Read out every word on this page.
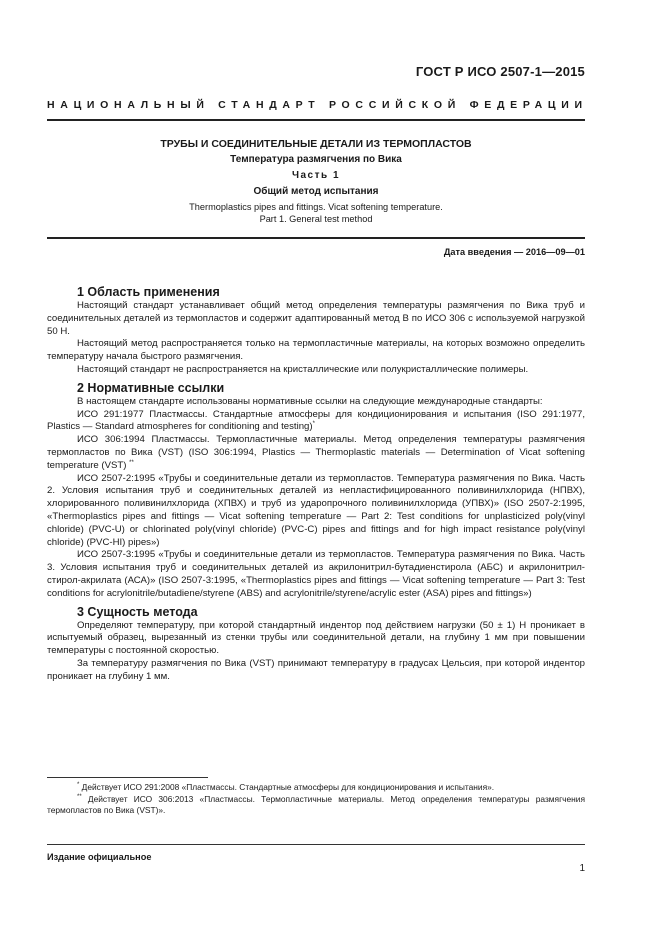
ГОСТ Р ИСО 2507-1—2015
НАЦИОНАЛЬНЫЙ СТАНДАРТ РОССИЙСКОЙ ФЕДЕРАЦИИ
ТРУБЫ И СОЕДИНИТЕЛЬНЫЕ ДЕТАЛИ ИЗ ТЕРМОПЛАСТОВ
Температура размягчения по Вика
Часть 1
Общий метод испытания
Thermoplastics pipes and fittings. Vicat softening temperature.
Part 1. General test method
Дата введения — 2016—09—01
1 Область применения

Настоящий стандарт устанавливает общий метод определения температуры размягчения по Вика труб и соединительных деталей из термопластов и содержит адаптированный метод В по ИСО 306 с используемой нагрузкой 50 Н.

Настоящий метод распространяется только на термопластичные материалы, на которых возможно определить температуру начала быстрого размягчения.

Настоящий стандарт не распространяется на кристаллические или полукристаллические полимеры.

2 Нормативные ссылки

В настоящем стандарте использованы нормативные ссылки на следующие международные стандарты:

ИСО 291:1977 Пластмассы. Стандартные атмосферы для кондиционирования и испытания (ISO 291:1977, Plastics — Standard atmospheres for conditioning and testing)*

ИСО 306:1994 Пластмассы. Термопластичные материалы. Метод определения температуры размягчения термопластов по Вика (VST) (ISO 306:1994, Plastics — Thermoplastic materials — Determination of Vicat softening temperature (VST) **

ИСО 2507-2:1995 «Трубы и соединительные детали из термопластов. Температура размягчения по Вика. Часть 2. Условия испытания труб и соединительных деталей из непластифицированного поливинилхлорида (НПВХ), хлорированного поливинилхлорида (ХПВХ) и труб из ударопрочного поливинилхлорида (УПВХ)» (ISO 2507-2:1995, «Thermoplastics pipes and fittings — Vicat softening temperature — Part 2: Test conditions for unplasticized poly(vinyl chloride) (PVC-U) or chlorinated poly(vinyl chloride) (PVC-C) pipes and fittings and for high impact resistance poly(vinyl chloride) (PVC-HI) pipes»)

ИСО 2507-3:1995 «Трубы и соединительные детали из термопластов. Температура размягчения по Вика. Часть 3. Условия испытания труб и соединительных деталей из акрилонитрил-бутадиенстирола (АБС) и акрилонитрил-стирол-акрилата (АСА)» (ISO 2507-3:1995, «Thermoplastics pipes and fittings — Vicat softening temperature — Part 3: Test conditions for acrylonitrile/butadiene/styrene (ABS) and acrylonitrile/styrene/acrylic ester (ASA) pipes and fittings»)

3 Сущность метода

Определяют температуру, при которой стандартный индентор под действием нагрузки (50 ± 1) Н проникает в испытуемый образец, вырезанный из стенки трубы или соединительной детали, на глубину 1 мм при повышении температуры с постоянной скоростью.

За температуру размягчения по Вика (VST) принимают температуру в градусах Цельсия, при которой индентор проникает на глубину 1 мм.

* Действует ИСО 291:2008 «Пластмассы. Стандартные атмосферы для кондиционирования и испытания».

** Действует ИСО 306:2013 «Пластмассы. Термопластичные материалы. Метод определения температуры размягчения термопластов по Вика (VST)».

Издание официальное
1
